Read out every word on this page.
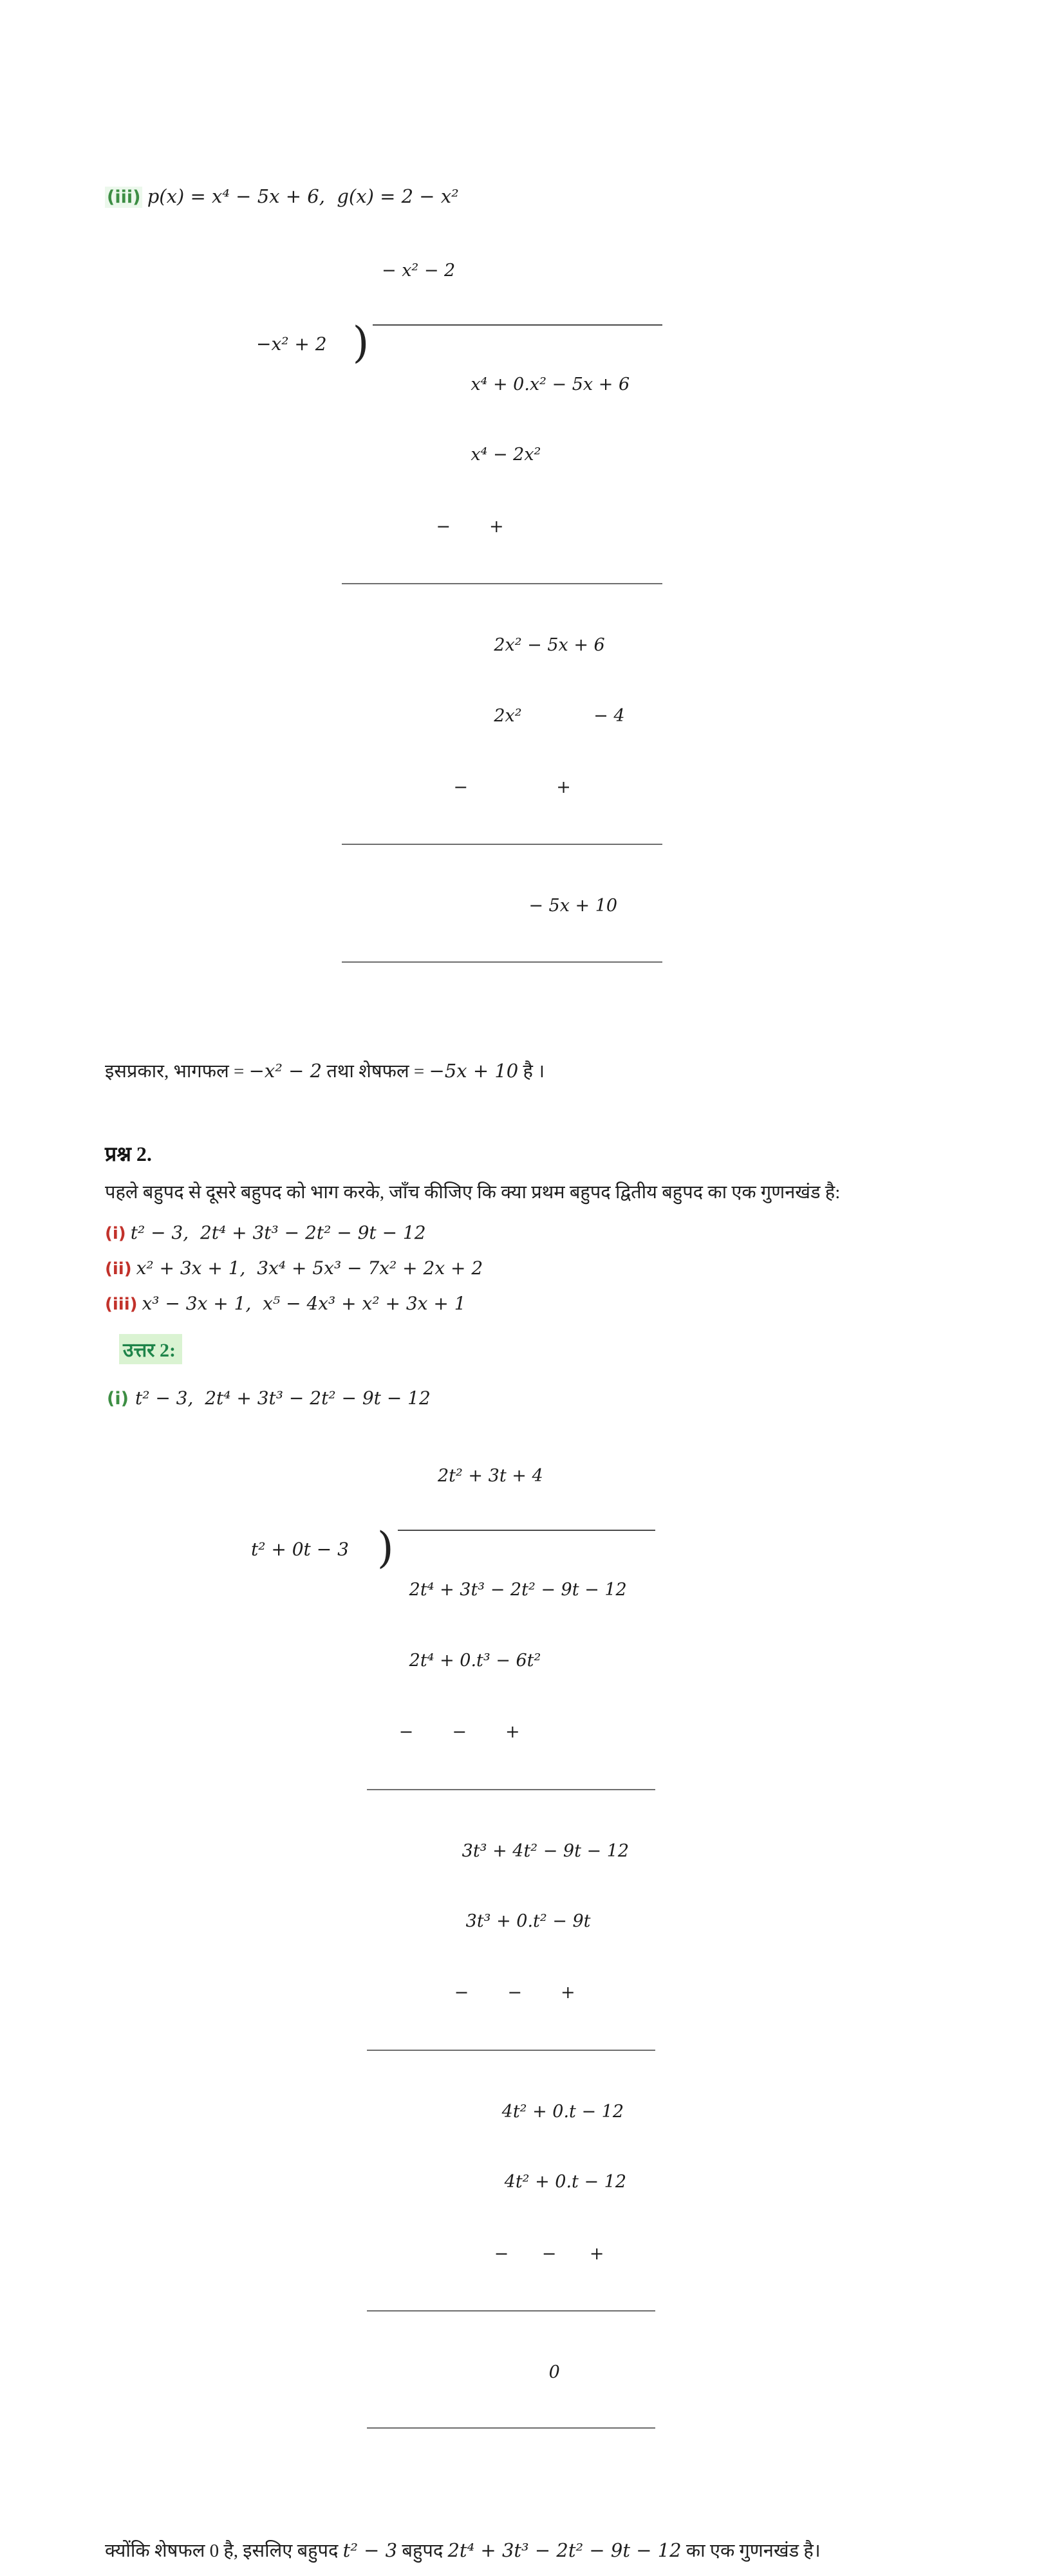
(iii) p(x) = x⁴ − 5x + 6,  g(x) = 2 − x²

− x² − 2

−x² + 2 )

x⁴ + 0.x² − 5x + 6

x⁴ − 2x²

−       +

2x² − 5x + 6

2x²             − 4

−                +

− 5x + 10

इसप्रकार, भागफल = −x² − 2 तथा शेषफल = −5x + 10 है ।
प्रश्न 2.
पहले बहुपद से दूसरे बहुपद को भाग करके, जाँच कीजिए कि क्या प्रथम बहुपद द्वितीय बहुपद का एक गुणनखंड है:
(i) t² − 3,  2t⁴ + 3t³ − 2t² − 9t − 12
(ii) x² + 3x + 1,  3x⁴ + 5x³ − 7x² + 2x + 2
(iii) x³ − 3x + 1,  x⁵ − 4x³ + x² + 3x + 1
उत्तर 2:
(i) t² − 3,  2t⁴ + 3t³ − 2t² − 9t − 12

2t² + 3t + 4

t² + 0t − 3 )

2t⁴ + 3t³ − 2t² − 9t − 12

2t⁴ + 0.t³ − 6t²

−       −       +

3t³ + 4t² − 9t − 12

3t³ + 0.t² − 9t

−       −       +

4t² + 0.t − 12

4t² + 0.t − 12

−      −      +

0

क्योंकि शेषफल 0 है, इसलिए बहुपद t² − 3 बहुपद 2t⁴ + 3t³ − 2t² − 9t − 12 का एक गुणनखंड है।
